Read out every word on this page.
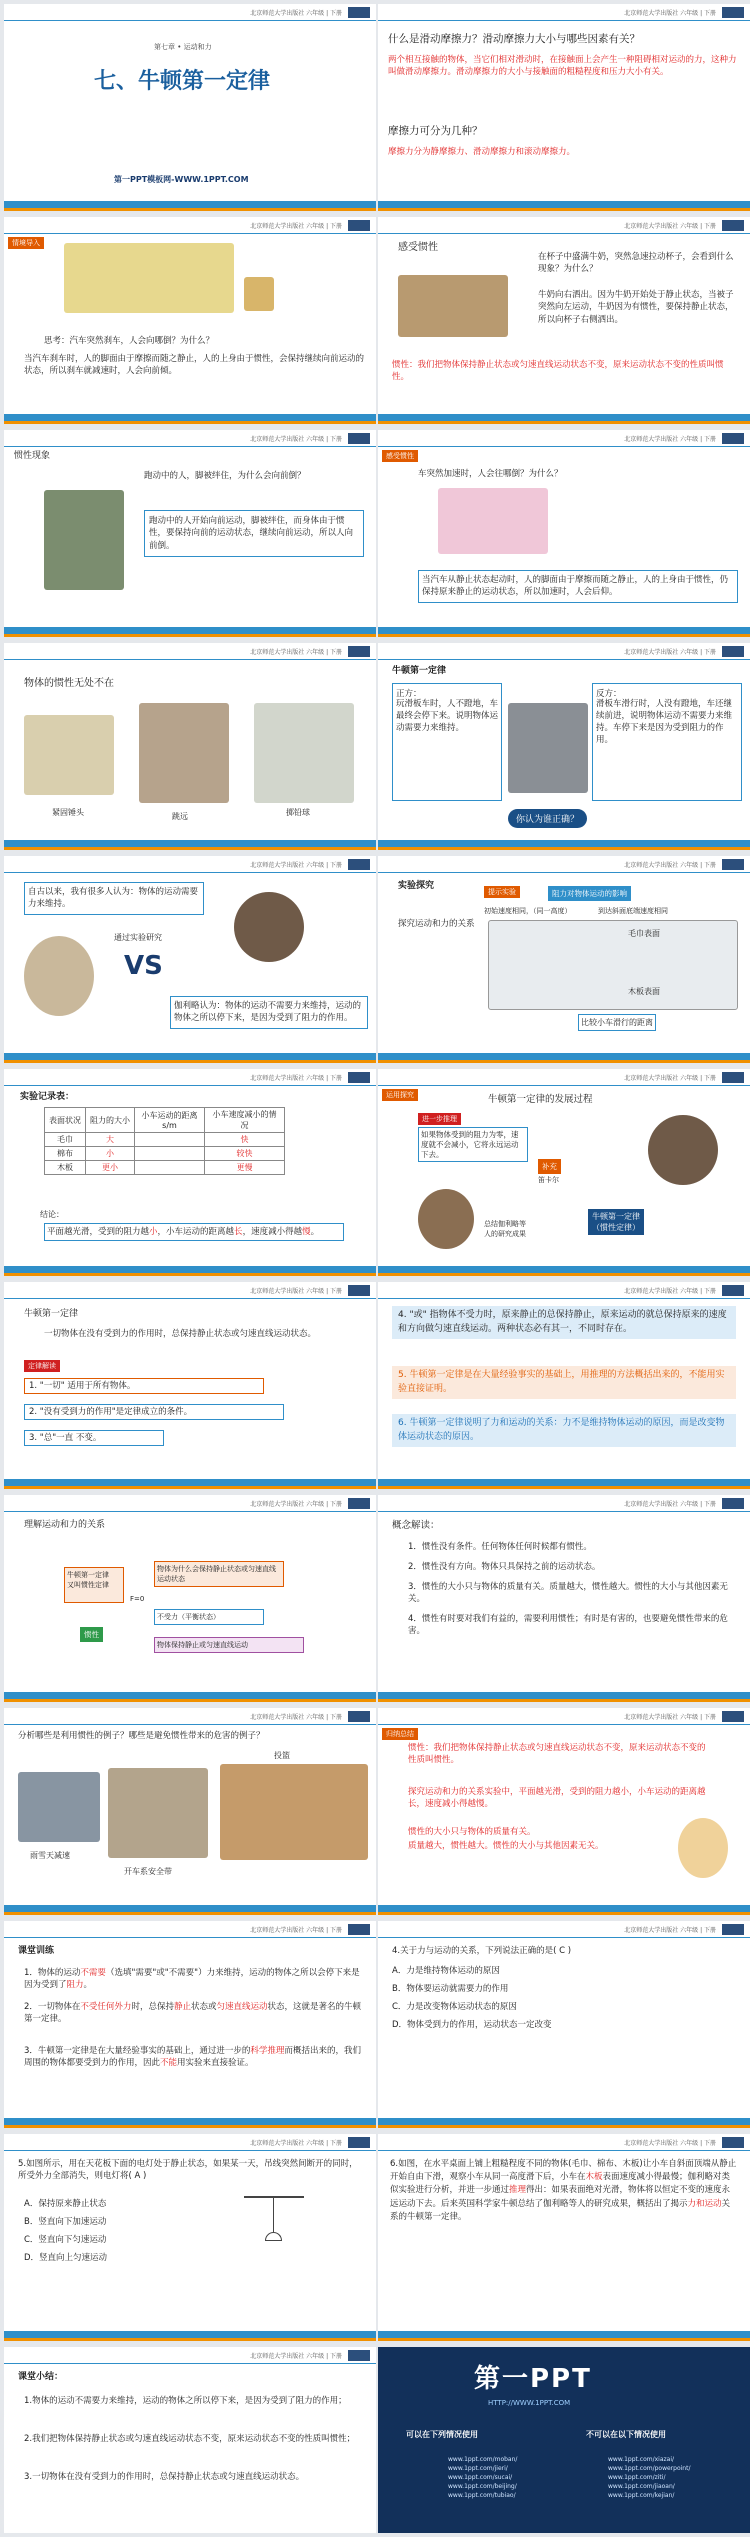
北京师范大学出版社 六年级 | 下册
第七章 • 运动和力
七、牛顿第一定律
第一PPT模板网-WWW.1PPT.COM
北京师范大学出版社 六年级 | 下册
什么是滑动摩擦力？滑动摩擦力大小与哪些因素有关？
两个相互接触的物体，当它们相对滑动时，在接触面上会产生一种阻碍相对运动的力，这种力叫做滑动摩擦力。滑动摩擦力的大小与接触面的粗糙程度和压力大小有关。
摩擦力可分为几种？
摩擦力分为静摩擦力、滑动摩擦力和滚动摩擦力。
北京师范大学出版社 六年级 | 下册
情境导入
思考：汽车突然刹车，人会向哪倒？为什么？
当汽车刹车时，人的脚面由于摩擦而随之静止，人的上身由于惯性，会保持继续向前运动的状态，所以刹车就减速时，人会向前倾。
北京师范大学出版社 六年级 | 下册
感受惯性
在杯子中盛满牛奶，突然急速拉动杯子，会看到什么现象？为什么？
牛奶向右洒出。因为牛奶开始处于静止状态，当被子突然向左运动，牛奶因为有惯性，要保持静止状态，所以向杯子右侧洒出。
惯性：我们把物体保持静止状态或匀速直线运动状态不变，原来运动状态不变的性质叫惯性。
北京师范大学出版社 六年级 | 下册
惯性现象
跑动中的人，脚被绊住，为什么会向前倒？
跑动中的人开始向前运动，脚被绊住，而身体由于惯性，要保持向前的运动状态，继续向前运动，所以人向前倒。
北京师范大学出版社 六年级 | 下册
感受惯性
车突然加速时，人会往哪倒？为什么？
当汽车从静止状态起动时，人的脚面由于摩擦而随之静止，人的上身由于惯性，仍保持原来静止的运动状态，所以加速时，人会后仰。
北京师范大学出版社 六年级 | 下册
物体的惯性无处不在
紧固锤头	跳远	掷铅球
北京师范大学出版社 六年级 | 下册
牛顿第一定律
正方：
玩滑板车时，人不蹬地，车最终会停下来。说明物体运动需要力来维持。
反方：
滑板车滑行时，人没有蹬地，车还继续前进，说明物体运动不需要力来维持。车停下来是因为受到阻力的作用。
你认为谁正确？
北京师范大学出版社 六年级 | 下册
自古以来，我有很多人认为：物体的运动需要力来维持。
通过实验研究
VS
伽利略认为：物体的运动不需要力来维持，运动的物体之所以停下来，是因为受到了阻力的作用。
北京师范大学出版社 六年级 | 下册
实验探究
探究运动和力的关系
提示实验	阻力对物体运动的影响
初始速度相同，（同一高度）	到达斜面底端速度相同
毛巾表面
木板表面
比较小车滑行的距离
北京师范大学出版社 六年级 | 下册
实验记录表：
表面状况	阻力的大小	小车运动的距离s/m	小车速度减小的情况
毛巾	大		快
棉布	小		较快
木板	更小		更慢
结论：
平面越光滑，受到的阻力越小，小车运动的距离越长，速度减小得越慢。
北京师范大学出版社 六年级 | 下册
运用探究	牛顿第一定律的发展过程
进一步推理
如果物体受到的阻力为零，速度就不会减小，它将永远运动下去。
补充
笛卡尔
总结伽利略等
人的研究成果
牛顿第一定律
（惯性定律）
北京师范大学出版社 六年级 | 下册
牛顿第一定律
一切物体在没有受到力的作用时，总保持静止状态或匀速直线运动状态。
定律解读
1. "一切" 适用于所有物体。
2. "没有受到力的作用"是定律成立的条件。
3. "总"一直 不变。
北京师范大学出版社 六年级 | 下册
4. "或" 指物体不受力时，原来静止的总保持静止，原来运动的就总保持原来的速度和方向做匀速直线运动。两种状态必有其一，不同时存在。
5. 牛顿第一定律是在大量经验事实的基础上，用推理的方法概括出来的，不能用实验直接证明。
6. 牛顿第一定律说明了力和运动的关系：力不是维持物体运动的原因，而是改变物体运动状态的原因。
北京师范大学出版社 六年级 | 下册
理解运动和力的关系
牛顿第一定律
又叫惯性定律
物体为什么会保持静止状态或匀速直线运动状态
惯性
不受力（平衡状态）
物体保持静止或匀速直线运动
F=0
北京师范大学出版社 六年级 | 下册
概念解读：
1．惯性没有条件。任何物体任何时候都有惯性。
2．惯性没有方向。物体只具保持之前的运动状态。
3．惯性的大小只与物体的质量有关。质量越大，惯性越大。惯性的大小与其他因素无关。
4．惯性有时要对我们有益的，需要利用惯性；有时是有害的，也要避免惯性带来的危害。
北京师范大学出版社 六年级 | 下册
分析哪些是利用惯性的例子？哪些是避免惯性带来的危害的例子？
投篮
雨雪天减速
开车系安全带
北京师范大学出版社 六年级 | 下册
归纳总结
惯性：我们把物体保持静止状态或匀速直线运动状态不变，原来运动状态不变的性质叫惯性。
探究运动和力的关系实验中，平面越光滑，受到的阻力越小，小车运动的距离越长，速度减小得越慢。
惯性的大小只与物体的质量有关。
质量越大，惯性越大。惯性的大小与其他因素无关。
北京师范大学出版社 六年级 | 下册
课堂训练
1．物体的运动不需要（选填"需要"或"不需要"）力来维持，运动的物体之所以会停下来是因为受到了阻力。
2．一切物体在不受任何外力时，总保持静止状态或匀速直线运动状态，这就是著名的牛顿第一定律。
3．牛顿第一定律是在大量经验事实的基础上，通过进一步的科学推理而概括出来的，我们周围的物体都要受到力的作用，因此不能用实验来直接验证。
北京师范大学出版社 六年级 | 下册
4.关于力与运动的关系，下列说法正确的是( C )
A．力是维持物体运动的原因
B．物体要运动就需要力的作用
C．力是改变物体运动状态的原因
D．物体受到力的作用，运动状态一定改变
北京师范大学出版社 六年级 | 下册
5.如图所示，用在天花板下面的电灯处于静止状态，如果某一天，吊线突然间断开的同时，所受外力全部消失，则电灯将( A )
A．保持原来静止状态
B．竖直向下加速运动
C．竖直向下匀速运动
D．竖直向上匀速运动
北京师范大学出版社 六年级 | 下册
6.如图，在水平桌面上铺上粗糙程度不同的物体(毛巾、棉布、木板)让小车自斜面顶端从静止开始自由下滑，观察小车从同一高度滑下后，小车在木板表面速度减小得最慢；伽利略对类似实验进行分析，并进一步通过推理得出：如果表面绝对光滑，物体将以恒定不变的速度永远运动下去。后来英国科学家牛顿总结了伽利略等人的研究成果，概括出了揭示力和运动关系的牛顿第一定律。
北京师范大学出版社 六年级 | 下册
课堂小结：
1.物体的运动不需要力来维持，运动的物体之所以停下来，是因为受到了阻力的作用；
2.我们把物体保持静止状态或匀速直线运动状态不变，原来运动状态不变的性质叫惯性；
3.一切物体在没有受到力的作用时，总保持静止状态或匀速直线运动状态。
第一PPT
HTTP://WWW.1PPT.COM
可以在下列情况使用	不可以在以下情况使用
www.1ppt.com/moban/
www.1ppt.com/jieri/
www.1ppt.com/sucai/
www.1ppt.com/beijing/
www.1ppt.com/tubiao/
www.1ppt.com/xiazai/
www.1ppt.com/powerpoint/
www.1ppt.com/ziti/
www.1ppt.com/jiaoan/
www.1ppt.com/kejian/
